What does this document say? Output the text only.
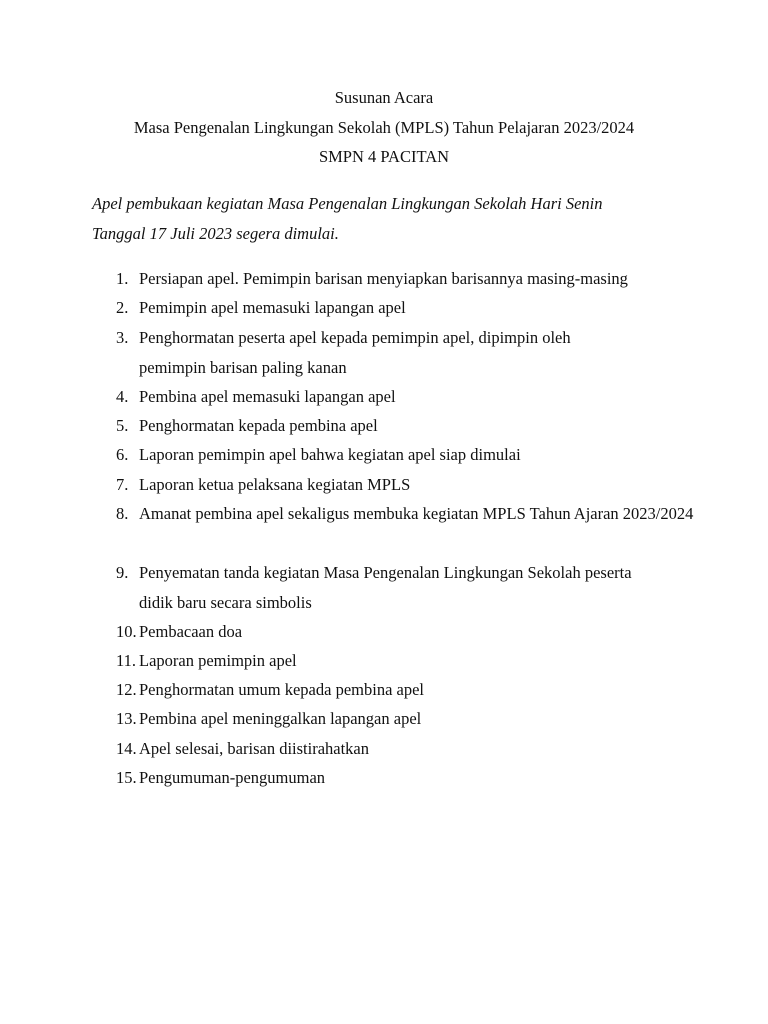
Susunan Acara
Masa Pengenalan Lingkungan Sekolah (MPLS) Tahun Pelajaran 2023/2024
SMPN 4 PACITAN
Apel pembukaan kegiatan Masa Pengenalan Lingkungan Sekolah Hari Senin
Tanggal 17 Juli 2023 segera dimulai.
1. Persiapan apel. Pemimpin barisan menyiapkan barisannya masing-masing
2. Pemimpin apel memasuki lapangan apel
3. Penghormatan peserta apel kepada pemimpin apel, dipimpin oleh pemimpin barisan paling kanan
4. Pembina apel memasuki lapangan apel
5. Penghormatan kepada pembina apel
6. Laporan pemimpin apel bahwa kegiatan apel siap dimulai
7. Laporan ketua pelaksana kegiatan MPLS
8. Amanat pembina apel sekaligus membuka kegiatan MPLS Tahun Ajaran 2023/2024
9. Penyematan tanda kegiatan Masa Pengenalan Lingkungan Sekolah peserta didik baru secara simbolis
10. Pembacaan doa
11. Laporan pemimpin apel
12. Penghormatan umum kepada pembina apel
13. Pembina apel meninggalkan lapangan apel
14. Apel selesai, barisan diistirahatkan
15. Pengumuman-pengumuman
